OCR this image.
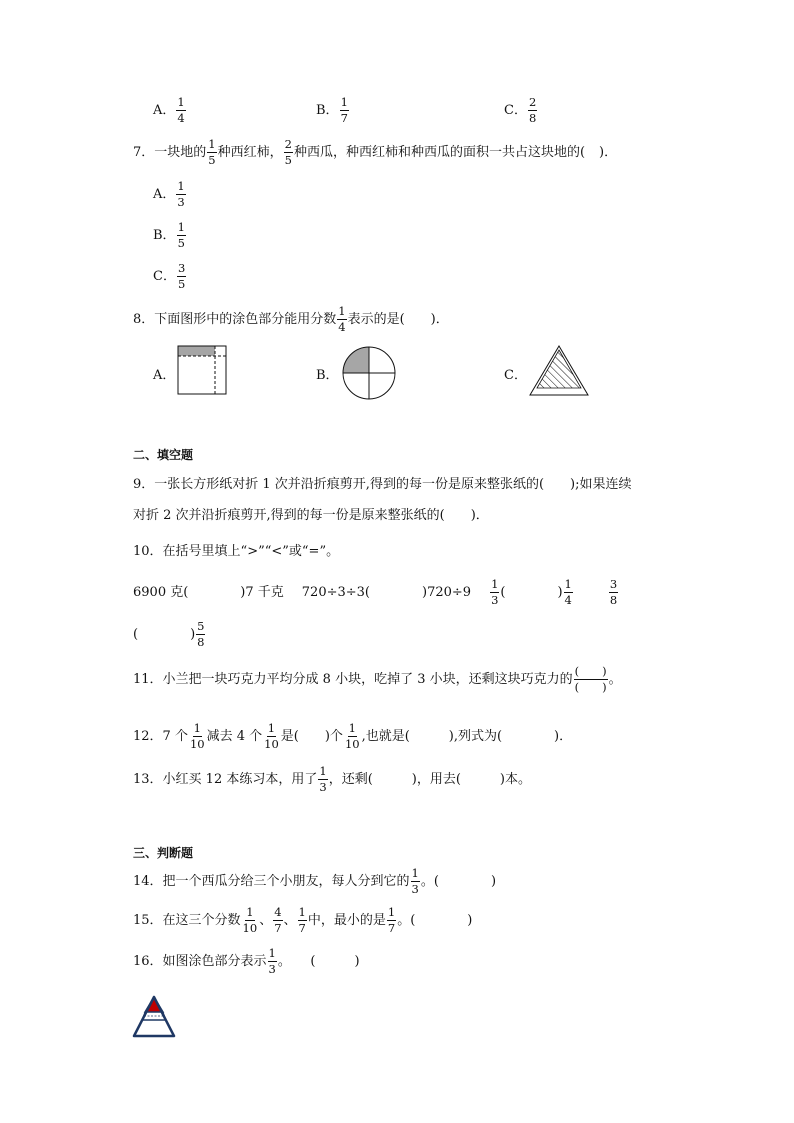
A． $\frac{1}{4}$	B． $\frac{1}{7}$	C． $\frac{2}{8}$
7．一块地的 $\frac{1}{5}$ 种西红柿， $\frac{2}{5}$ 种西瓜，种西红柿和种西瓜的面积一共占这块地的( )．
A． $\frac{1}{3}$
B． $\frac{1}{5}$
C． $\frac{3}{5}$
8．下面图形中的涂色部分能用分数 $\frac{1}{4}$ 表示的是(　　)．
A．	B．	C．
二、填空题
9．一张长方形纸对折 1 次并沿折痕剪开,得到的每一份是原来整张纸的(　　);如果连续
对折 2 次并沿折痕剪开,得到的每一份是原来整张纸的(　　)．
10．在括号里填上“>”“<”或“=”。
6900 克(	)7 千克 720÷3÷3(	)$720\div 9 \frac{1}{3}$ (	) $\frac{1}{4}$	$\frac{3}{8}$
(	) $\frac{5}{8}$
11．小兰把一块巧克力平均分成 8 小块，吃掉了 3 小块，还剩这块巧克力的 $\frac{( )}{( )}$ 。
12．7 个 $\frac{1}{10}$ 减去 4 个 $\frac{1}{10}$ 是(　　)个 $\frac{1}{10}$ ,也就是(　　　),列式为(　　　　)．
13．小红买 12 本练习本，用了 $\frac{1}{3}$ ，还剩(　　　)，用去(　　　)本。
三、判断题
14．把一个西瓜分给三个小朋友，每人分到它的 $\frac{1}{3}$ 。(　　　　)
15．在这三个分数 $\frac{1}{10}$ 、 $\frac{4}{7}$ 、 $\frac{1}{7}$ 中，最小的是 $\frac{1}{7}$ 。(　　　　)
16．如图涂色部分表示 $\frac{1}{3}$ 。　　(　　　)
